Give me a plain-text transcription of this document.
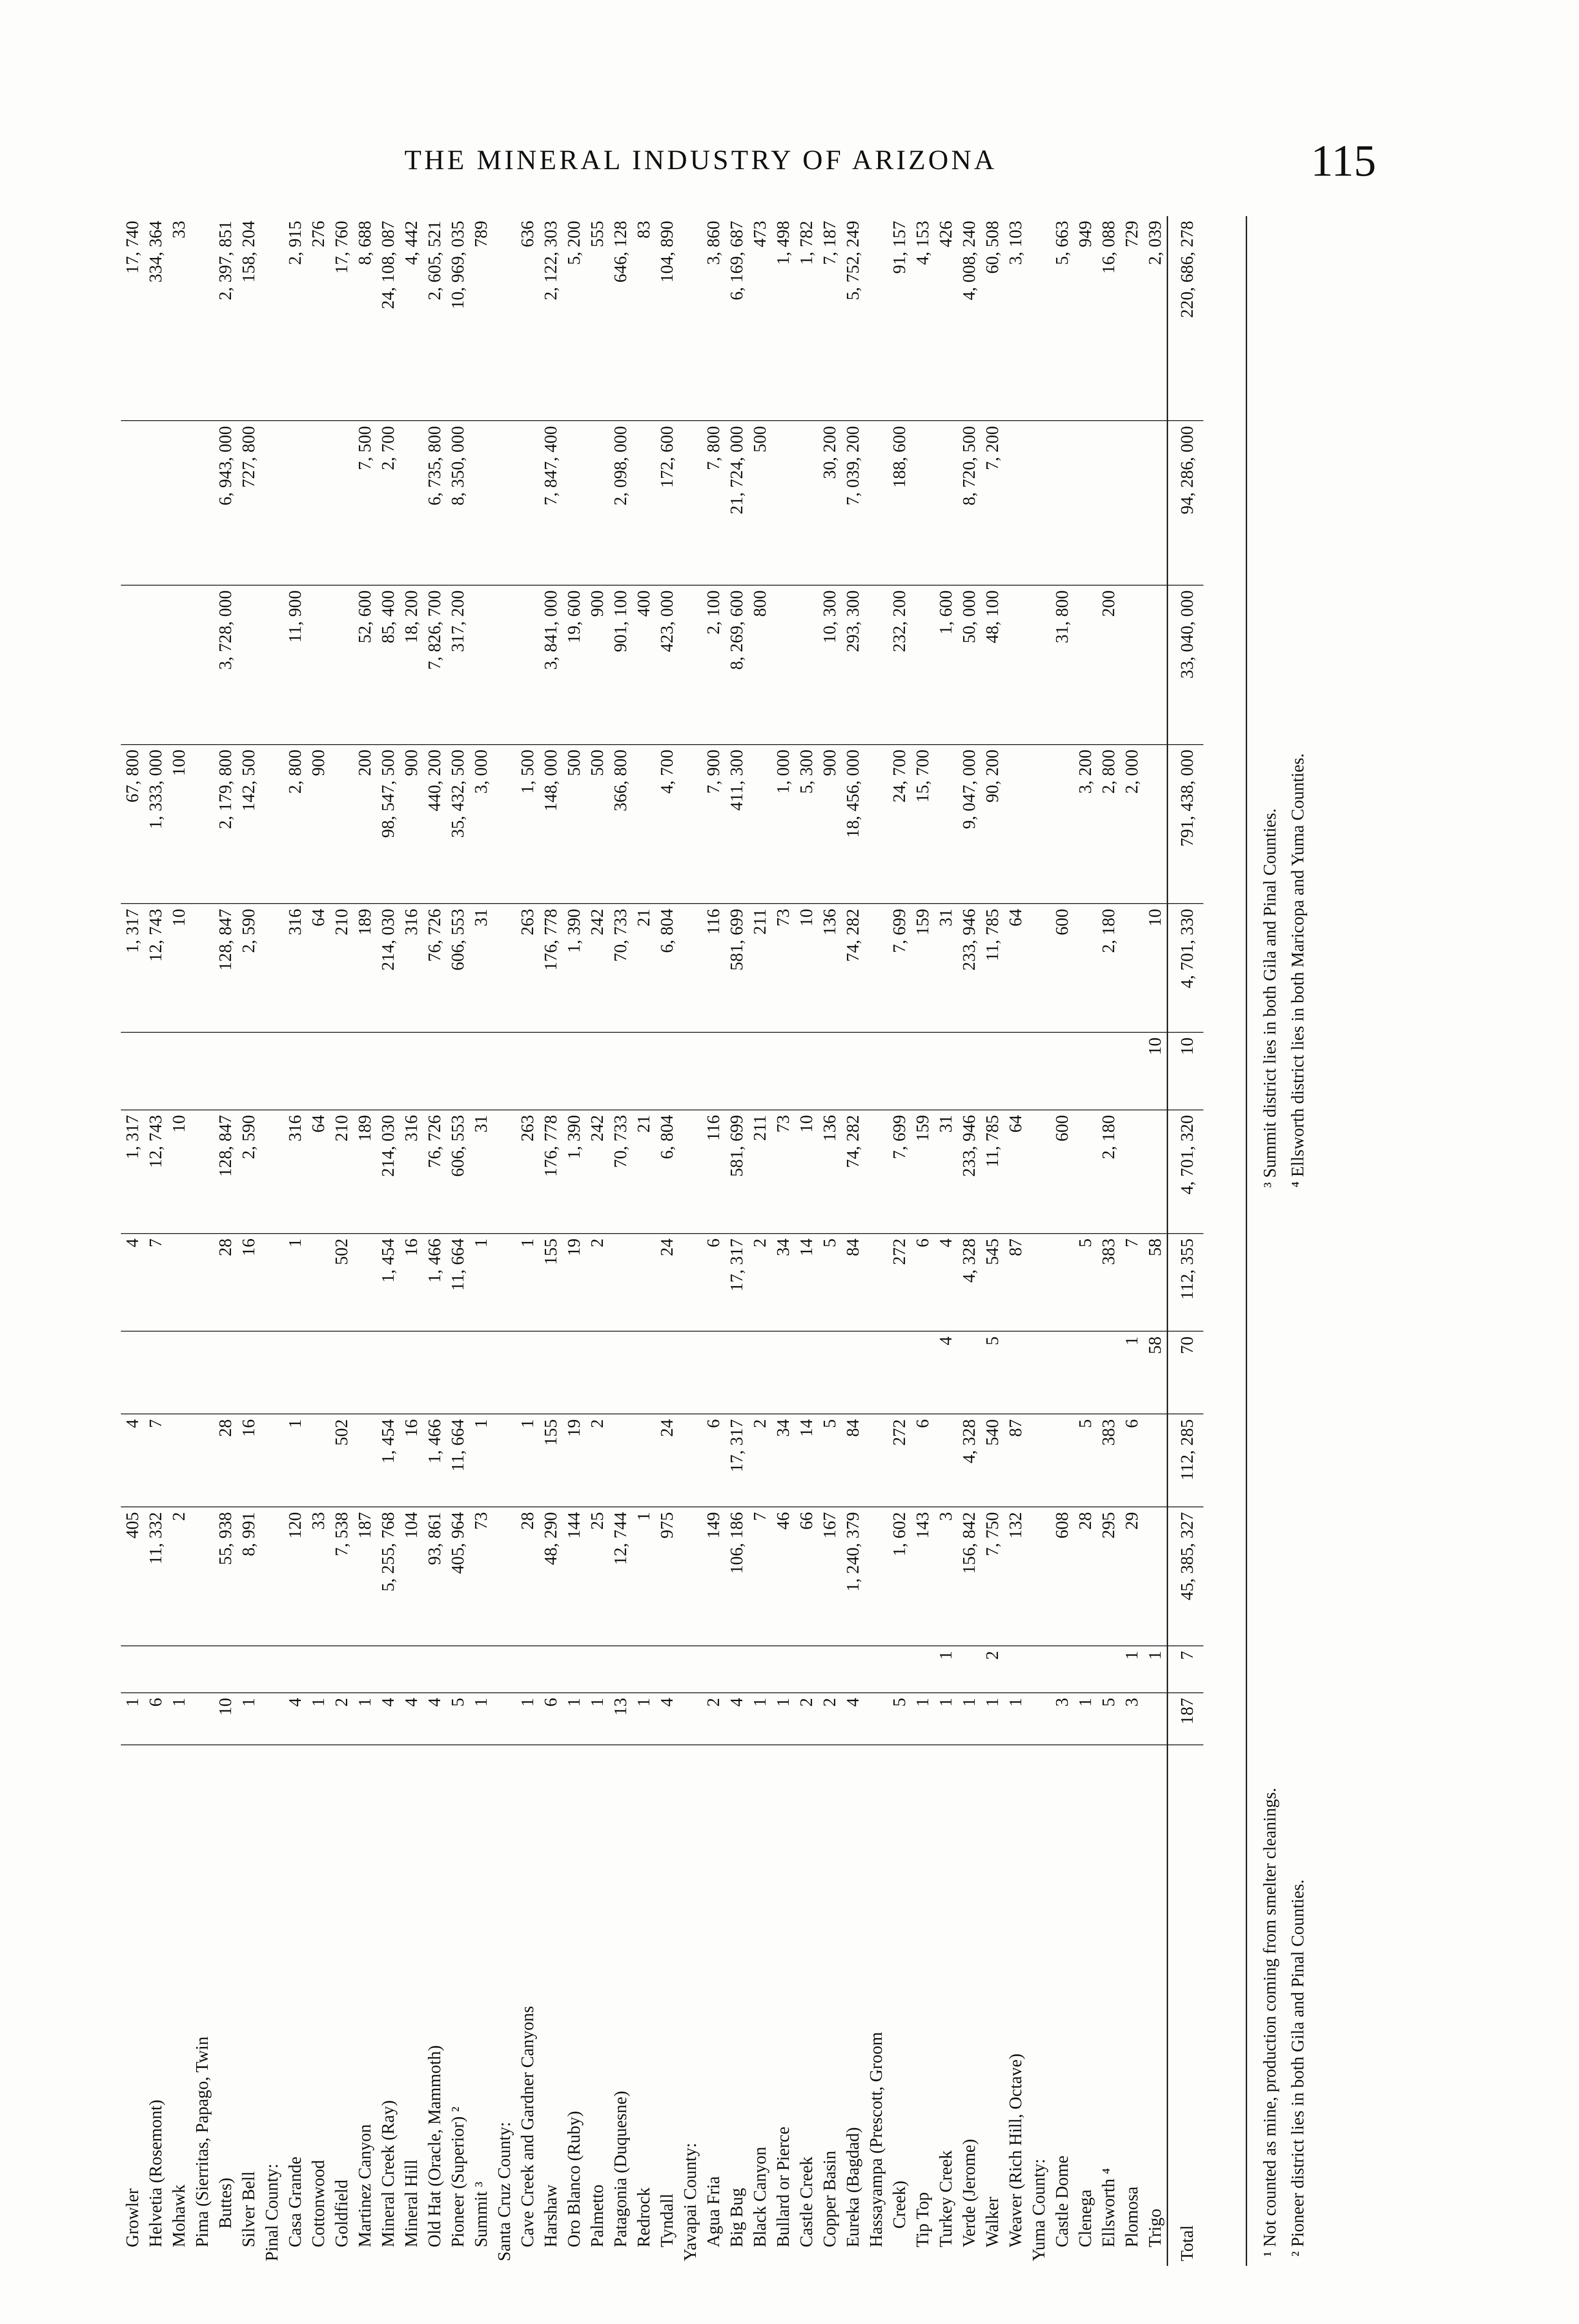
THE MINERAL INDUSTRY OF ARIZONA	115
Growler	1		405	4		4	1, 317		1, 317	67, 800			17, 740
Helvetia (Rosemont)	6		11, 332	7		7	12, 743		12, 743	1, 333, 000			334, 364
Mohawk	1		2				10		10	100			33
Pima (Sierritas, Papago, Twin													
Buttes)	10		55, 938	28		28	128, 847		128, 847	2, 179, 800	3, 728, 000	6, 943, 000	2, 397, 851
Silver Bell	1		8, 991	16		16	2, 590		2, 590	142, 500		727, 800	158, 204
Pinal County:													
Casa Grande	4		120	1		1	316		316	2, 800	11, 900		2, 915
Cottonwood	1		33				64		64	900			276
Goldfield	2		7, 538	502		502	210		210				17, 760
Martinez Canyon	1		187				189		189	200	52, 600	7, 500	8, 688
Mineral Creek (Ray)	4		5, 255, 768	1, 454		1, 454	214, 030		214, 030	98, 547, 500	85, 400	2, 700	24, 108, 087
Mineral Hill	4		104	16		16	316		316	900	18, 200		4, 442
Old Hat (Oracle, Mammoth)	4		93, 861	1, 466		1, 466	76, 726		76, 726	440, 200	7, 826, 700	6, 735, 800	2, 605, 521
Pioneer (Superior) ²	5		405, 964	11, 664		11, 664	606, 553		606, 553	35, 432, 500	317, 200	8, 350, 000	10, 969, 035
Summit ³	1		73	1		1	31		31	3, 000			789
Santa Cruz County:													
Cave Creek and Gardner Canyons	1		28	1		1	263		263	1, 500			636
Harshaw	6		48, 290	155		155	176, 778		176, 778	148, 000	3, 841, 000	7, 847, 400	2, 122, 303
Oro Blanco (Ruby)	1		144	19		19	1, 390		1, 390	500	19, 600		5, 200
Palmetto	1		25	2		2	242		242	500	900		555
Patagonia (Duquesne)	13		12, 744				70, 733		70, 733	366, 800	901, 100	2, 098, 000	646, 128
Redrock	1		1				21		21		400		83
Tyndall	4		975	24		24	6, 804		6, 804	4, 700	423, 000	172, 600	104, 890
Yavapai County:													
Agua Fria	2		149	6		6	116		116	7, 900	2, 100	7, 800	3, 860
Big Bug	4		106, 186	17, 317		17, 317	581, 699		581, 699	411, 300	8, 269, 600	21, 724, 000	6, 169, 687
Black Canyon	1		7	2		2	211		211		800	500	473
Bullard or Pierce	1		46	34		34	73		73	1, 000			1, 498
Castle Creek	2		66	14		14	10		10	5, 300			1, 782
Copper Basin	2		167	5		5	136		136	900	10, 300	30, 200	7, 187
Eureka (Bagdad)	4		1, 240, 379	84		84	74, 282		74, 282	18, 456, 000	293, 300	7, 039, 200	5, 752, 249
Hassayampa (Prescott, Groom													
Creek)	5		1, 602	272		272	7, 699		7, 699	24, 700	232, 200	188, 600	91, 157
Tip Top	1		143	6		6	159		159	15, 700			4, 153
Turkey Creek	1	1	3		4	4	31		31		1, 600		426
Verde (Jerome)	1		156, 842	4, 328		4, 328	233, 946		233, 946	9, 047, 000	50, 000	8, 720, 500	4, 008, 240
Walker	1	2	7, 750	540	5	545	11, 785		11, 785	90, 200	48, 100	7, 200	60, 508
Weaver (Rich Hill, Octave)	1		132	87		87	64		64				3, 103
Yuma County:													
Castle Dome	3		608				600		600		31, 800		5, 663
Clenega	1		28	5		5				3, 200			949
Ellsworth ⁴	5		295	383		383	2, 180		2, 180	2, 800	200		16, 088
Plomosa	3	1	29	6	1	7				2, 000			729
Trigo		1			58	58		10	10				2, 039
Total	187	7	45, 385, 327	112, 285	70	112, 355	4, 701, 320	10	4, 701, 330	791, 438, 000	33, 040, 000	94, 286, 000	220, 686, 278
¹ Not counted as mine, production coming from smelter cleanings. ² Pioneer district lies in both Gila and Pinal Counties.
³ Summit district lies in both Gila and Pinal Counties. ⁴ Ellsworth district lies in both Maricopa and Yuma Counties.
